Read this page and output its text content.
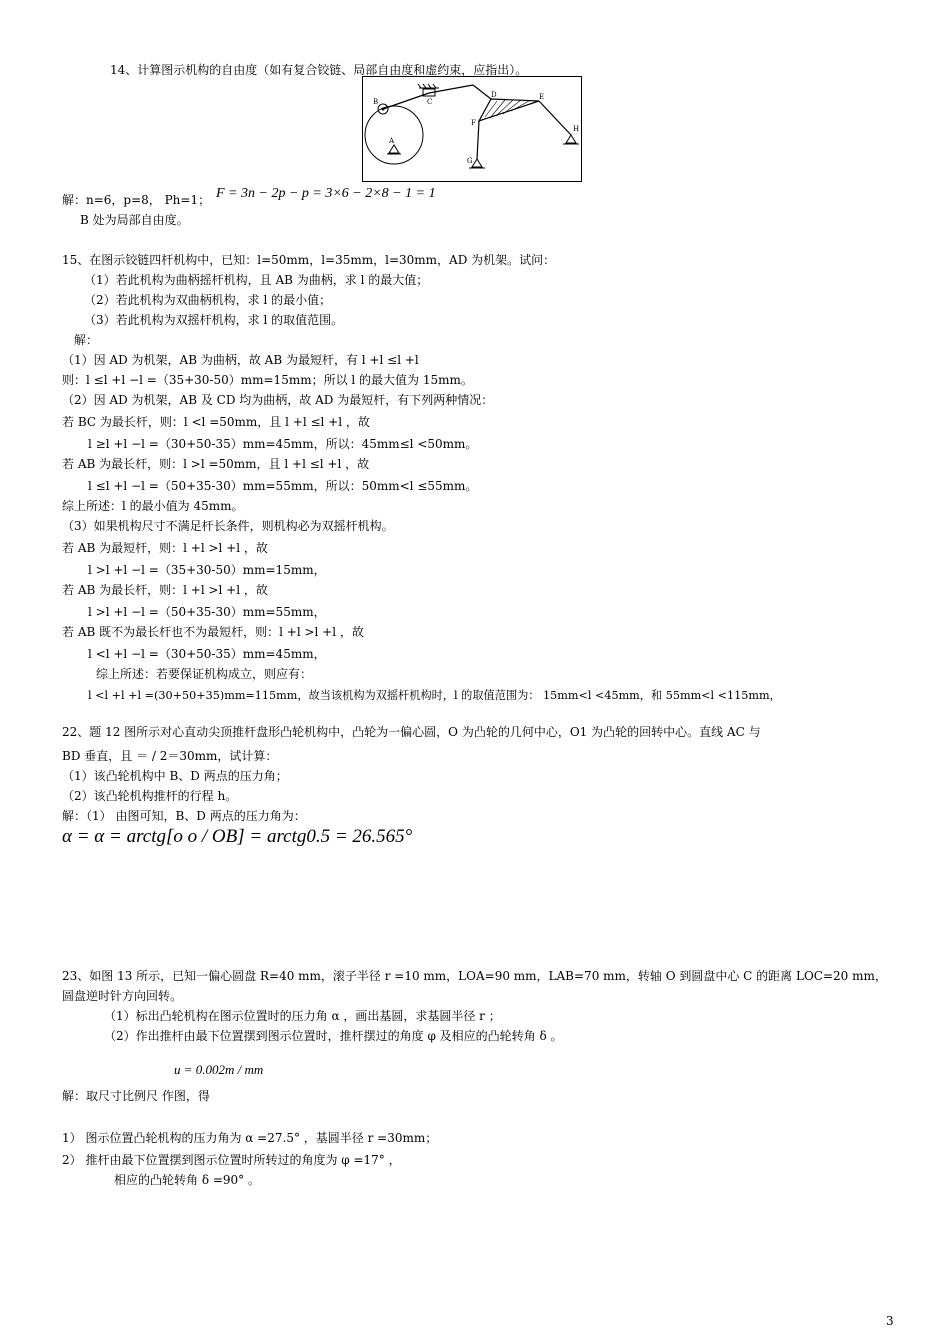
14、计算图示机构的自由度（如有复合铰链、局部自由度和虚约束，应指出）。
B	C
D	E
F
G
H
A
解：n=6，p=8， Ph=1； F = 3n − 2p − p = 3×6 − 2×8 − 1 = 1
B 处为局部自由度。
15、在图示铰链四杆机构中，已知：l=50mm，l=35mm，l=30mm，AD 为机架。试问：
（1）若此机构为曲柄摇杆机构，且 AB 为曲柄，求 l 的最大值；
（2）若此机构为双曲柄机构，求 l 的最小值；
（3）若此机构为双摇杆机构，求 l 的取值范围。
解：
（1）因 AD 为机架，AB 为曲柄，故 AB 为最短杆，有 l +l ≤l +l
则：l ≤l +l −l =（35+30-50）mm=15mm；所以 l 的最大值为 15mm。
（2）因 AD 为机架，AB 及 CD 均为曲柄，故 AD 为最短杆，有下列两种情况：
若 BC 为最长杆，则：l <l =50mm，且 l +l ≤l +l ，故
l ≥l +l −l =（30+50-35）mm=45mm，所以：45mm≤l <50mm。
若 AB 为最长杆，则：l >l =50mm，且 l +l ≤l +l ，故
l ≤l +l −l =（50+35-30）mm=55mm，所以：50mm<l ≤55mm。
综上所述：l 的最小值为 45mm。
（3）如果机构尺寸不满足杆长条件，则机构必为双摇杆机构。
若 AB 为最短杆，则：l +l >l +l ，故
l >l +l −l =（35+30-50）mm=15mm，
若 AB 为最长杆，则：l +l >l +l ，故
l >l +l −l =（50+35-30）mm=55mm，
若 AB 既不为最长杆也不为最短杆，则：l +l >l +l ，故
l <l +l −l =（30+50-35）mm=45mm，
综上所述：若要保证机构成立，则应有：
l <l +l +l =(30+50+35)mm=115mm，故当该机构为双摇杆机构时，l 的取值范围为： 15mm<l <45mm，和 55mm<l <115mm，
22、题 12 图所示对心直动尖顶推杆盘形凸轮机构中，凸轮为一偏心圆，O 为凸轮的几何中心，O1 为凸轮的回转中心。直线 AC 与
BD 垂直，且 ＝ / 2＝30mm，试计算：
（1）该凸轮机构中 B、D 两点的压力角；
（2）该凸轮机构推杆的行程 h。
解：（1） 由图可知，B、D 两点的压力角为：
α = α = arctg[o o / OB] = arctg0.5 = 26.565°
23、如图 13 所示，已知一偏心圆盘 R=40 mm，滚子半径 r =10 mm，LOA=90 mm，LAB=70 mm，转轴 O 到圆盘中心 C 的距离 LOC=20 mm，
圆盘逆时针方向回转。
（1）标出凸轮机构在图示位置时的压力角 α ，画出基圆，求基圆半径 r ；
（2）作出推杆由最下位置摆到图示位置时，推杆摆过的角度 φ 及相应的凸轮转角 δ 。
u = 0.002m / mm
解：取尺寸比例尺 作图，得
1） 图示位置凸轮机构的压力角为 α =27.5° ，基圆半径 r =30mm；
2） 推杆由最下位置摆到图示位置时所转过的角度为 φ =17° ，
相应的凸轮转角 δ =90° 。
3
